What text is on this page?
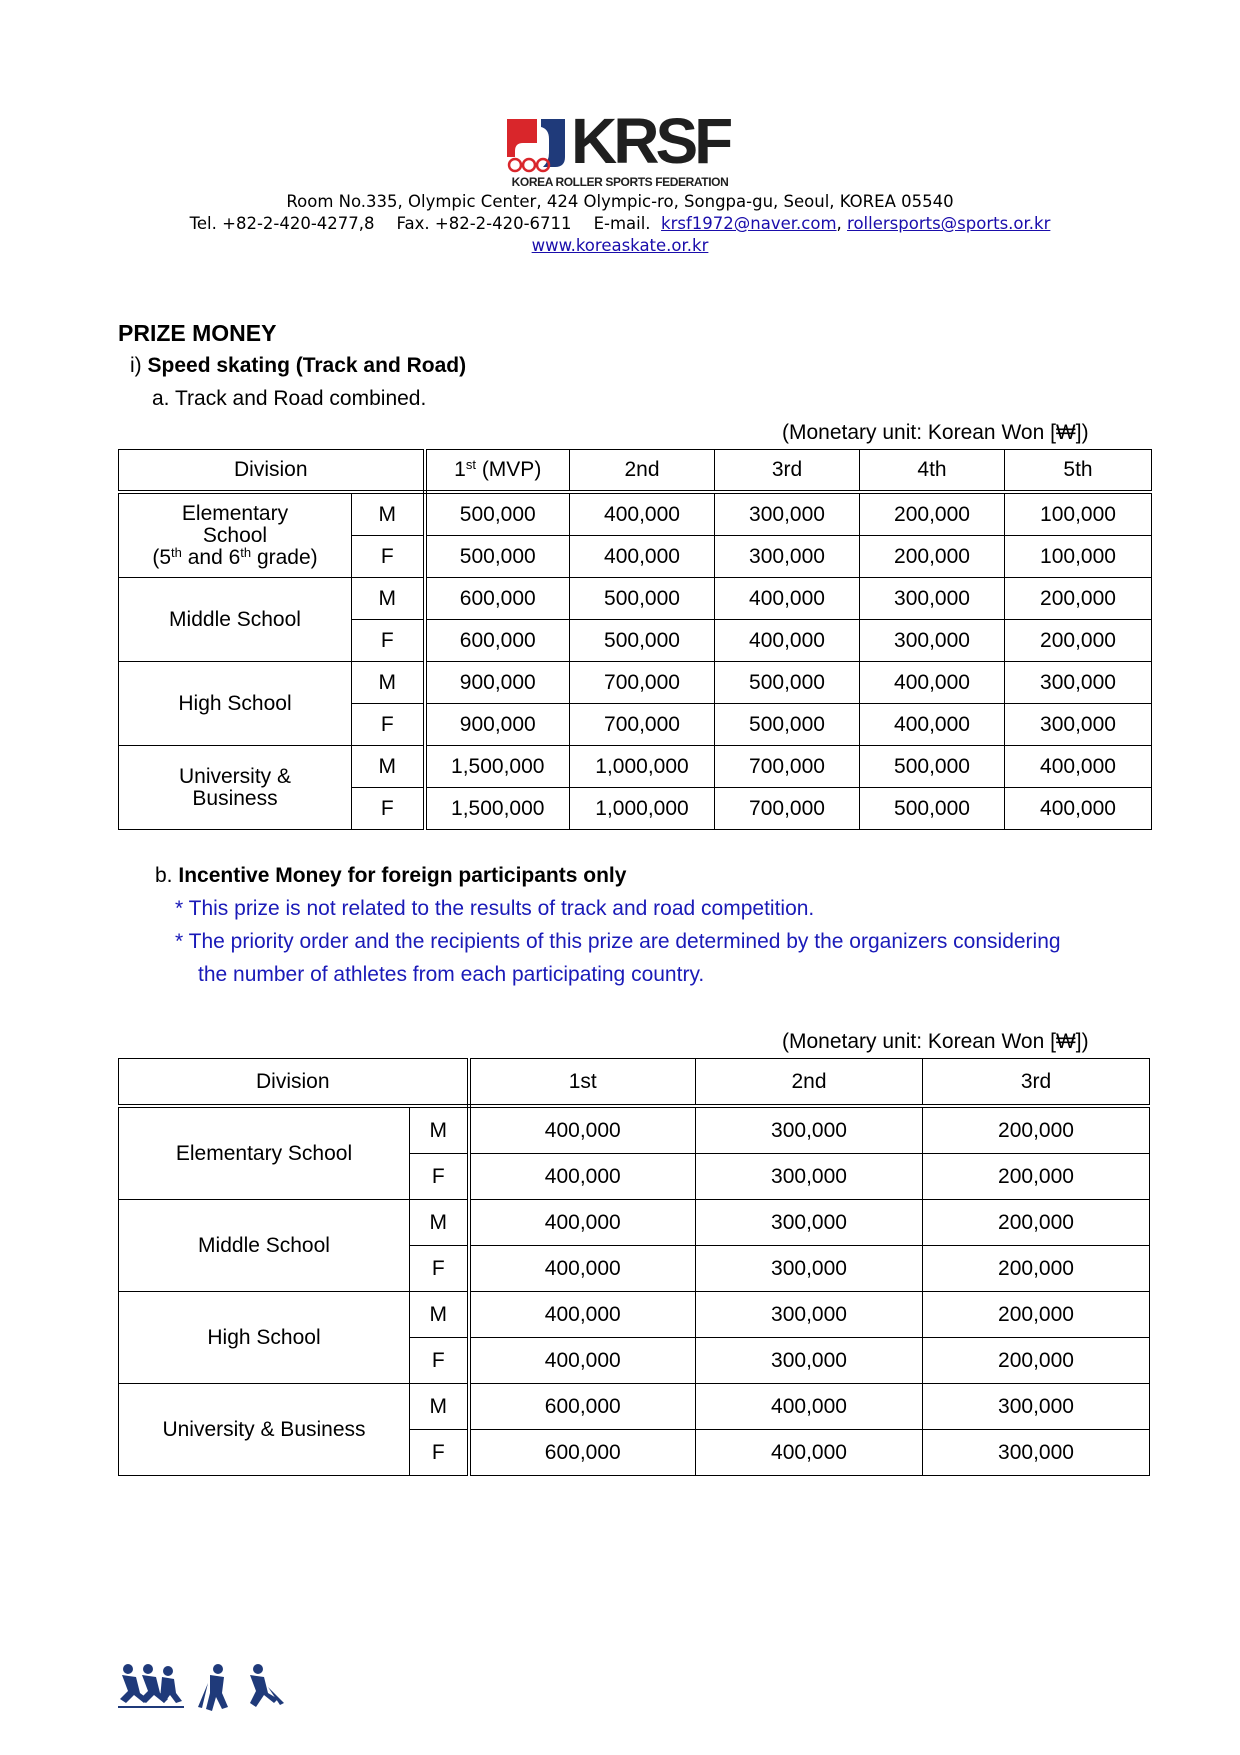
KRSF
KOREA ROLLER SPORTS FEDERATION
Room No.335, Olympic Center, 424 Olympic-ro, Songpa-gu, Seoul, KOREA 05540
Tel. +82-2-420-4277,8 Fax. +82-2-420-6711 E-mail. krsf1972@naver.com, rollersports@sports.or.kr
www.koreaskate.or.kr
PRIZE MONEY
i) Speed skating (Track and Road)
a. Track and Road combined.
(Monetary unit: Korean Won [₩])
Division		1st (MVP)	2nd	3rd	4th	5th

Elementary
School
(5th and 6th grade)	M	500,000	400,000	300,000	200,000	100,000
	F	500,000	400,000	300,000	200,000	100,000
Middle School	M	600,000	500,000	400,000	300,000	200,000
	F	600,000	500,000	400,000	300,000	200,000
High School	M	900,000	700,000	500,000	400,000	300,000
	F	900,000	700,000	500,000	400,000	300,000

University &
Business	M	1,500,000	1,000,000	700,000	500,000	400,000
	F	1,500,000	1,000,000	700,000	500,000	400,000
b. Incentive Money for foreign participants only
* This prize is not related to the results of track and road competition.
* The priority order and the recipients of this prize are determined by the organizers considering
the number of athletes from each participating country.
(Monetary unit: Korean Won [₩])
Division		1st	2nd	3rd
Elementary School	M	400,000	300,000	200,000
	F	400,000	300,000	200,000
Middle School	M	400,000	300,000	200,000
	F	400,000	300,000	200,000
High School	M	400,000	300,000	200,000
	F	400,000	300,000	200,000
University & Business	M	600,000	400,000	300,000
	F	600,000	400,000	300,000
